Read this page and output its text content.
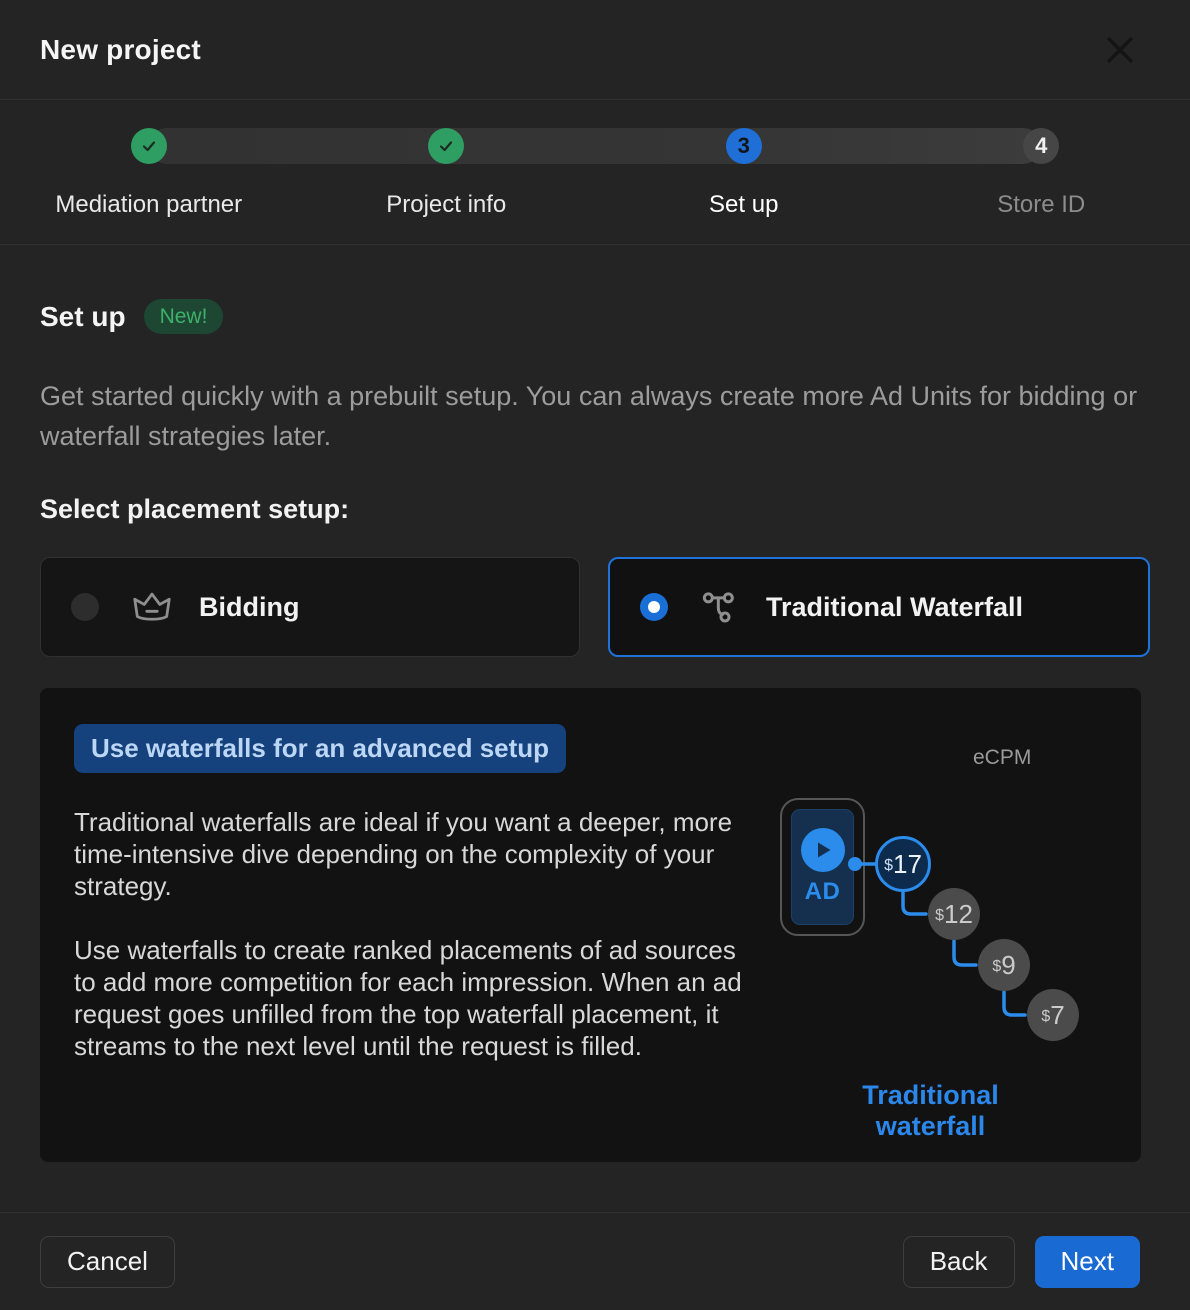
New project
Mediation partner	Project info
3
Set up
4
Store ID
Set up	New!

Get started quickly with a prebuilt setup. You can always create more Ad Units for bidding or waterfall strategies later.

Select placement setup:
Bidding	Traditional Waterfall
Use waterfalls for an advanced setup

Traditional waterfalls are ideal if you want a deeper, more time-intensive dive depending on the complexity of your strategy.

Use waterfalls to create ranked placements of ad sources to add more competition for each impression. When an ad request goes unfilled from the top waterfall placement, it streams to the next level until the request is filled.

eCPM
AD
$ 17
$ 12
$ 9
$ 7
Traditional waterfall
Cancel	Back	Next
